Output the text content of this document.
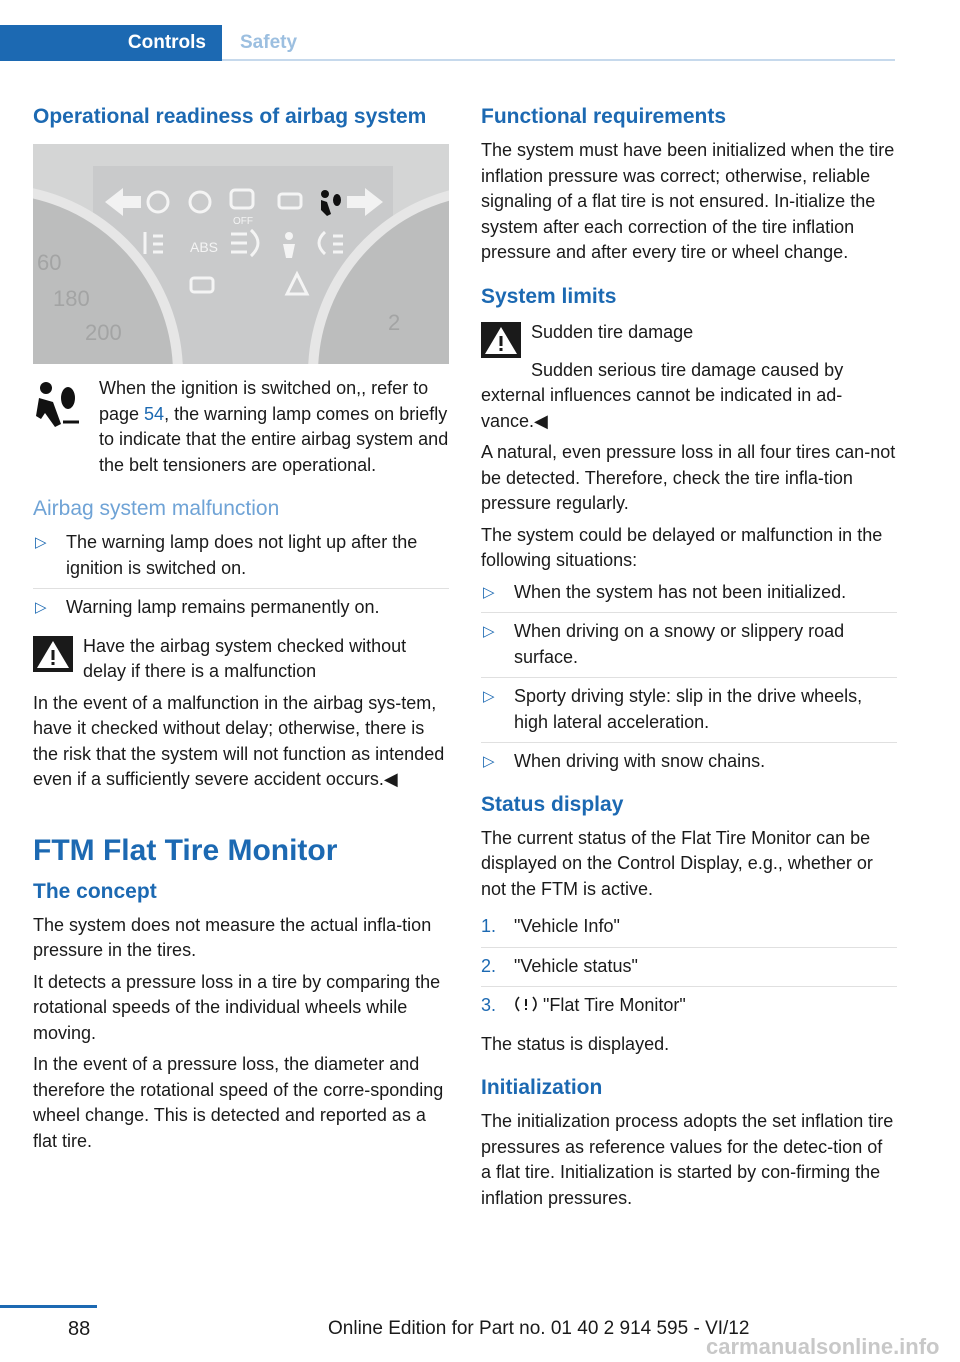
Controls	Safety
Operational readiness of airbag system
60
180
200	2
ABS
OFF

When the ignition is switched on,, refer to page 54, the warning lamp comes on briefly to indicate that the entire airbag system and the belt tensioners are operational.

Airbag system malfunction
▷ The warning lamp does not light up after the ignition is switched on.
▷ Warning lamp remains permanently on.

Have the airbag system checked without delay if there is a malfunction

In the event of a malfunction in the airbag sys‐tem, have it checked without delay; otherwise, there is the risk that the system will not function as intended even if a sufficiently severe accident occurs.◀

FTM Flat Tire Monitor
The concept

The system does not measure the actual infla‐tion pressure in the tires.

It detects a pressure loss in a tire by comparing the rotational speeds of the individual wheels while moving.

In the event of a pressure loss, the diameter and therefore the rotational speed of the corre‐sponding wheel change. This is detected and reported as a flat tire.

Functional requirements

The system must have been initialized when the tire inflation pressure was correct; otherwise, reliable signaling of a flat tire is not ensured. In‐itialize the system after each correction of the tire inflation pressure and after every tire or wheel change.

System limits

Sudden tire damage

Sudden serious tire damage caused by external influences cannot be indicated in ad‐vance.◀

A natural, even pressure loss in all four tires can‐not be detected. Therefore, check the tire infla‐tion pressure regularly.

The system could be delayed or malfunction in the following situations:

▷ When the system has not been initialized.
▷ When driving on a snowy or slippery road surface.
▷ Sporty driving style: slip in the drive wheels, high lateral acceleration.
▷ When driving with snow chains.
Status display

The current status of the Flat Tire Monitor can be displayed on the Control Display, e.g., whether or not the FTM is active.

1. "Vehicle Info"
2. "Vehicle status"
3. "Flat Tire Monitor"

The status is displayed.

Initialization

The initialization process adopts the set inflation tire pressures as reference values for the detec‐tion of a flat tire. Initialization is started by con‐firming the inflation pressures.

88	Online Edition for Part no. 01 40 2 914 595 - VI/12
carmanualsonline.info
